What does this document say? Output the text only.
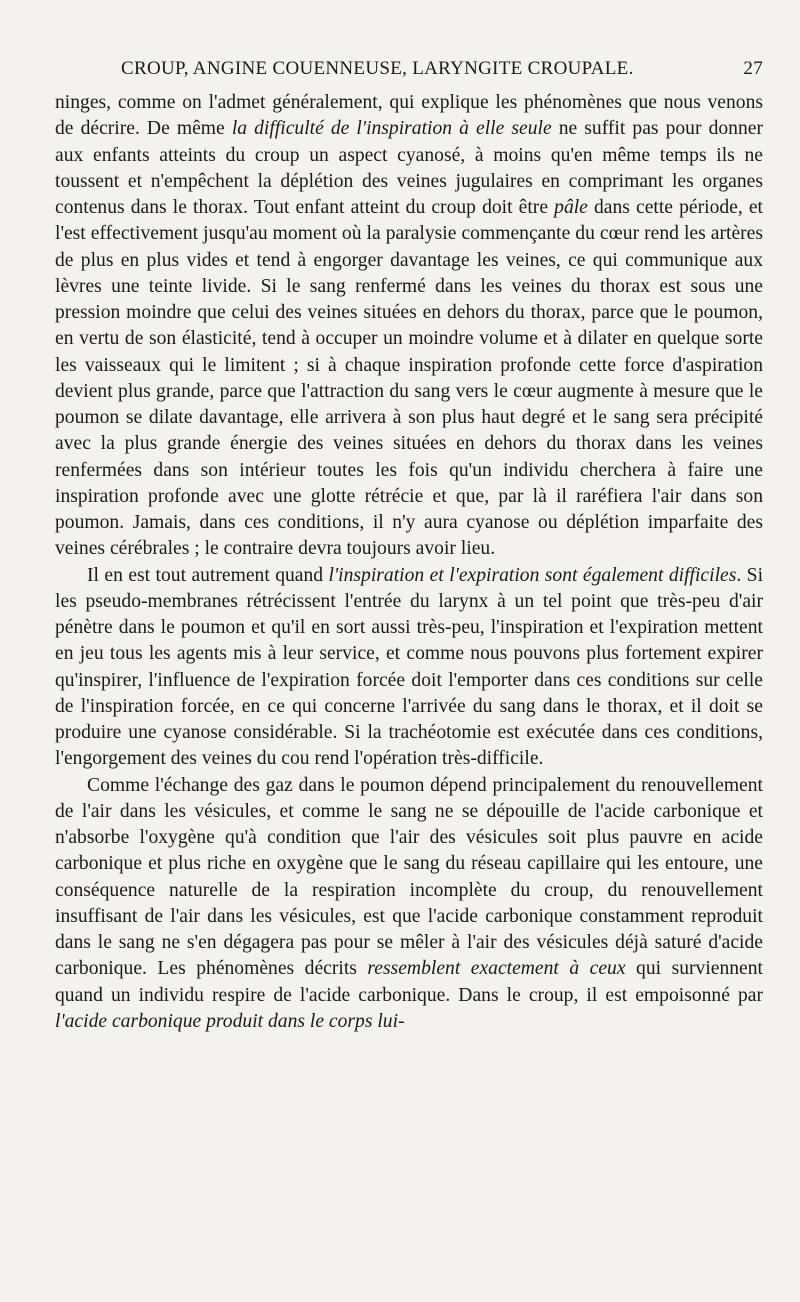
CROUP, ANGINE COUENNEUSE, LARYNGITE CROUPALE.	27

ninges, comme on l'admet généralement, qui explique les phénomènes que nous venons de décrire. De même la difficulté de l'inspiration à elle seule ne suffit pas pour donner aux enfants atteints du croup un aspect cyanosé, à moins qu'en même temps ils ne toussent et n'empêchent la déplétion des veines jugulaires en comprimant les organes contenus dans le thorax. Tout enfant atteint du croup doit être pâle dans cette période, et l'est effectivement jusqu'au moment où la paralysie commençante du cœur rend les artères de plus en plus vides et tend à engorger davantage les veines, ce qui communique aux lèvres une teinte livide. Si le sang renfermé dans les veines du thorax est sous une pression moindre que celui des veines situées en dehors du thorax, parce que le poumon, en vertu de son élasticité, tend à occuper un moindre volume et à dilater en quelque sorte les vaisseaux qui le limitent ; si à chaque inspiration profonde cette force d'aspiration devient plus grande, parce que l'attraction du sang vers le cœur augmente à mesure que le poumon se dilate davantage, elle arrivera à son plus haut degré et le sang sera précipité avec la plus grande énergie des veines situées en dehors du thorax dans les veines renfermées dans son intérieur toutes les fois qu'un individu cherchera à faire une inspiration profonde avec une glotte rétrécie et que, par là il raréfiera l'air dans son poumon. Jamais, dans ces conditions, il n'y aura cyanose ou déplétion imparfaite des veines cérébrales ; le contraire devra toujours avoir lieu.

Il en est tout autrement quand l'inspiration et l'expiration sont également difficiles. Si les pseudo-membranes rétrécissent l'entrée du larynx à un tel point que très-peu d'air pénètre dans le poumon et qu'il en sort aussi très-peu, l'inspiration et l'expiration mettent en jeu tous les agents mis à leur service, et comme nous pouvons plus fortement expirer qu'inspirer, l'influence de l'expiration forcée doit l'emporter dans ces conditions sur celle de l'inspiration forcée, en ce qui concerne l'arrivée du sang dans le thorax, et il doit se produire une cyanose considérable. Si la trachéotomie est exécutée dans ces conditions, l'engorgement des veines du cou rend l'opération très-difficile.

Comme l'échange des gaz dans le poumon dépend principalement du renouvellement de l'air dans les vésicules, et comme le sang ne se dépouille de l'acide carbonique et n'absorbe l'oxygène qu'à condition que l'air des vésicules soit plus pauvre en acide carbonique et plus riche en oxygène que le sang du réseau capillaire qui les entoure, une conséquence naturelle de la respiration incomplète du croup, du renouvellement insuffisant de l'air dans les vésicules, est que l'acide carbonique constamment reproduit dans le sang ne s'en dégagera pas pour se mêler à l'air des vésicules déjà saturé d'acide carbonique. Les phénomènes décrits ressemblent exactement à ceux qui surviennent quand un individu respire de l'acide carbonique. Dans le croup, il est empoisonné par l'acide carbonique produit dans le corps lui-
